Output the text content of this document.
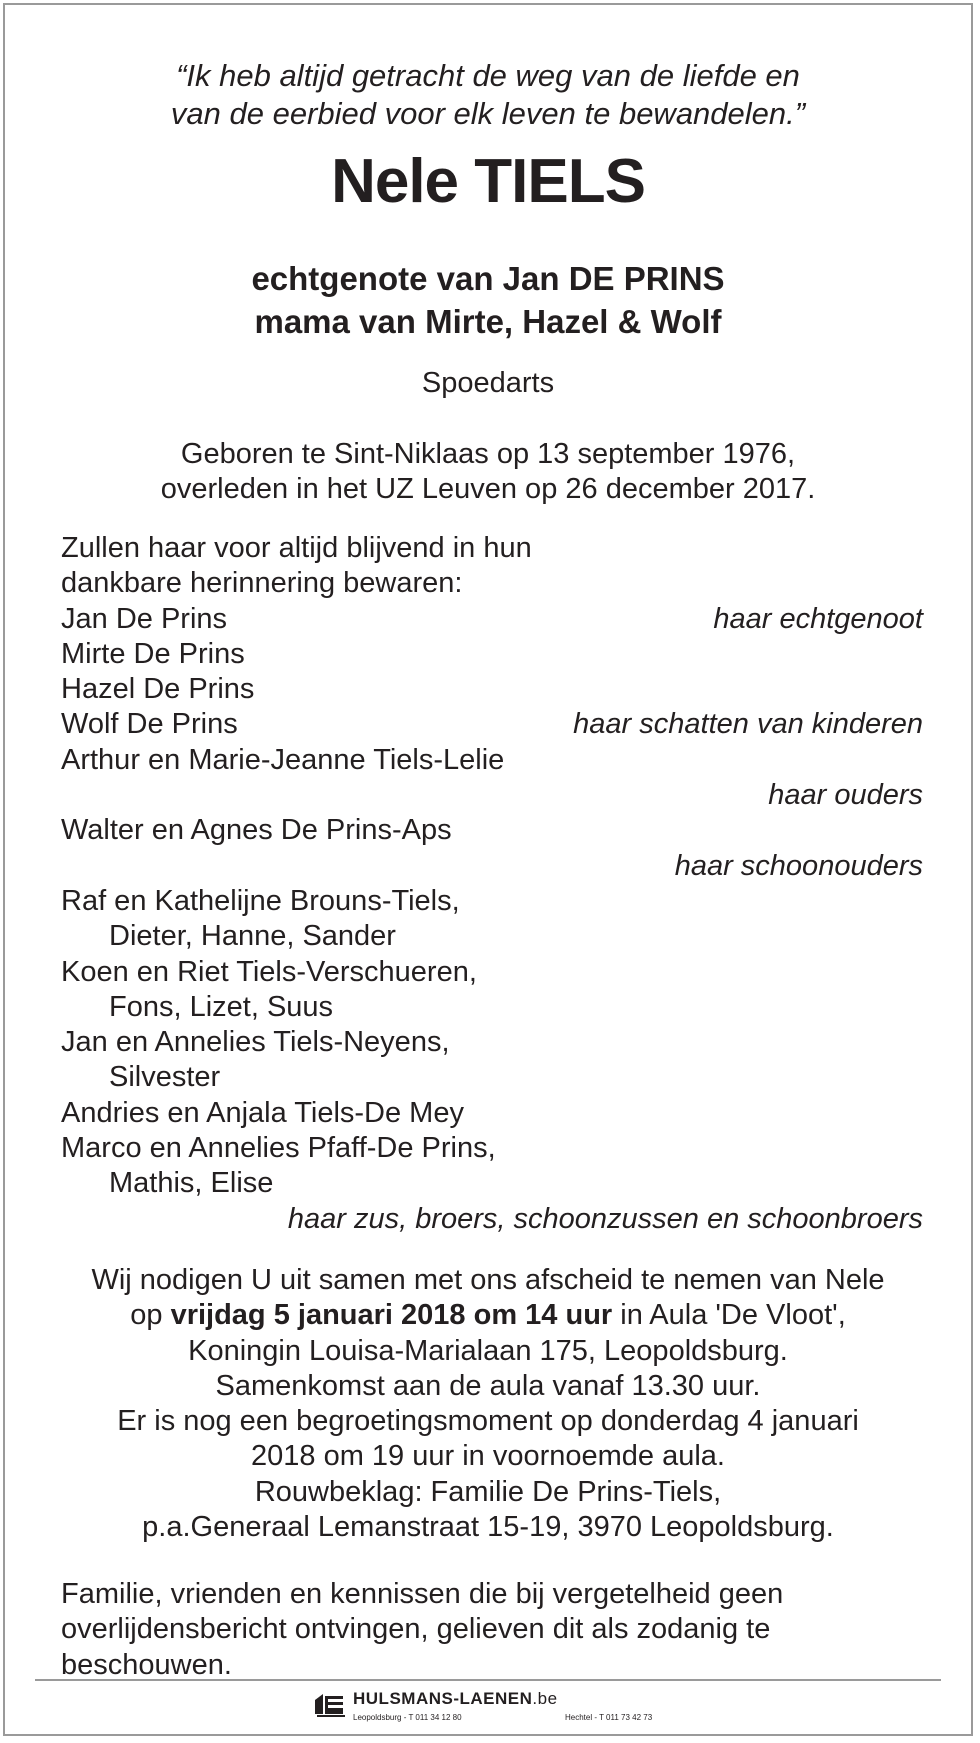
“Ik heb altijd getracht de weg van de liefde en
van de eerbied voor elk leven te bewandelen.”
Nele TIELS
echtgenote van Jan DE PRINS
mama van Mirte, Hazel & Wolf
Spoedarts
Geboren te Sint-Niklaas op 13 september 1976,
overleden in het UZ Leuven op 26 december 2017.
Zullen haar voor altijd blijvend in hun
dankbare herinnering bewaren:
Jan De Prins	haar echtgenoot
Mirte De Prins
Hazel De Prins
Wolf De Prins	haar schatten van kinderen
Arthur en Marie-Jeanne Tiels-Lelie
haar ouders
Walter en Agnes De Prins-Aps
haar schoonouders
Raf en Kathelijne Brouns-Tiels,
Dieter, Hanne, Sander
Koen en Riet Tiels-Verschueren,
Fons, Lizet, Suus
Jan en Annelies Tiels-Neyens,
Silvester
Andries en Anjala Tiels-De Mey
Marco en Annelies Pfaff-De Prins,
Mathis, Elise
haar zus, broers, schoonzussen en schoonbroers
Wij nodigen U uit samen met ons afscheid te nemen van Nele
op vrijdag 5 januari 2018 om 14 uur in Aula 'De Vloot',
Koningin Louisa-Marialaan 175, Leopoldsburg.
Samenkomst aan de aula vanaf 13.30 uur.
Er is nog een begroetingsmoment op donderdag 4 januari
2018 om 19 uur in voornoemde aula.
Rouwbeklag: Familie De Prins-Tiels,
p.a.Generaal Lemanstraat 15-19, 3970 Leopoldsburg.
Familie, vrienden en kennissen die bij vergetelheid geen
overlijdensbericht ontvingen, gelieven dit als zodanig te
beschouwen.
HULSMANS-LAENEN.be
Leopoldsburg - T 011 34 12 80	Hechtel - T 011 73 42 73
